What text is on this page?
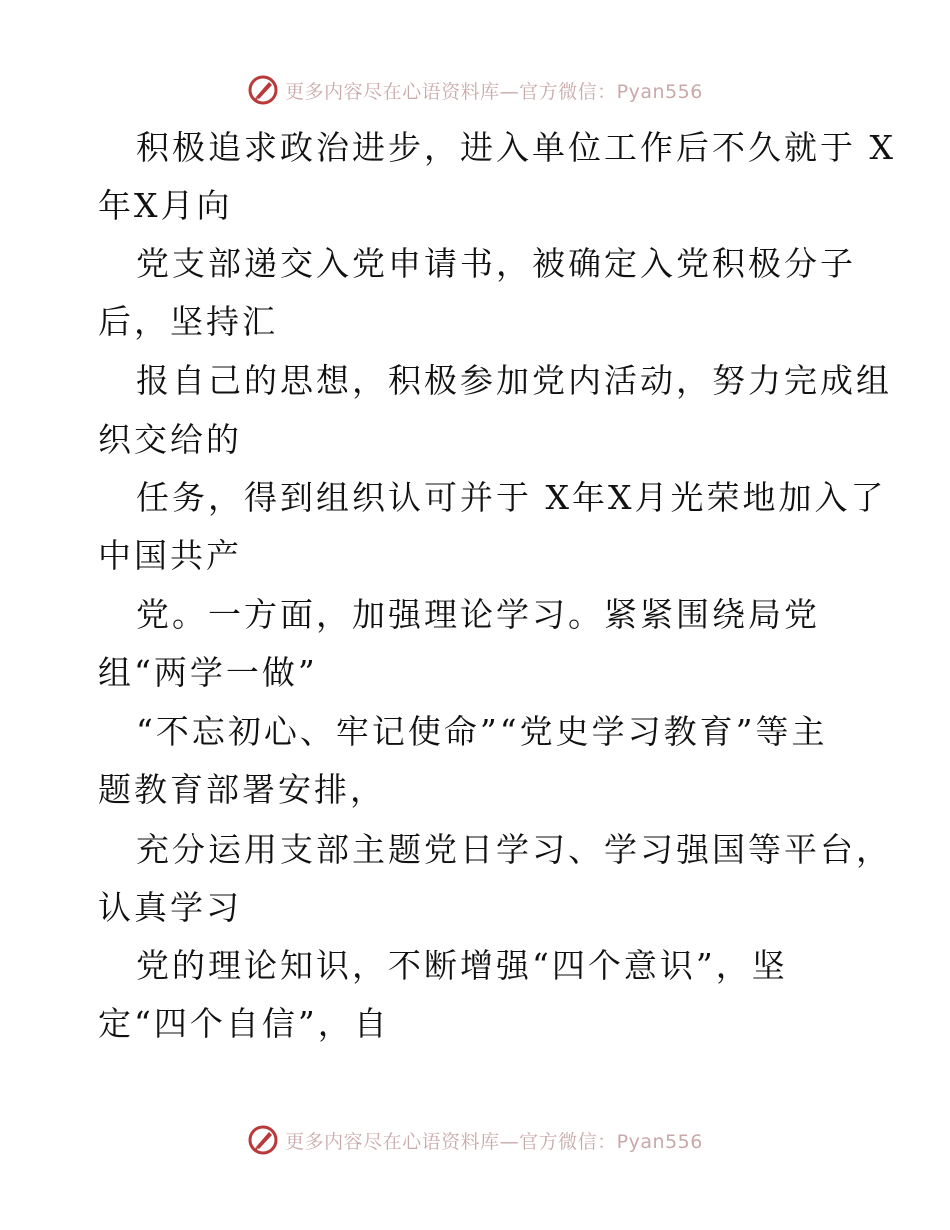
更多内容尽在心语资料库—官方微信：Pyan556
积极追求政治进步，进入单位工作后不久就于 X
年X月向
党支部递交入党申请书，被确定入党积极分子
后，坚持汇
报自己的思想，积极参加党内活动，努力完成组
织交给的
任务，得到组织认可并于 X年X月光荣地加入了
中国共产
党。一方面，加强理论学习。紧紧围绕局党
组“两学一做”
“不忘初心、牢记使命”“党史学习教育”等主
题教育部署安排，
充分运用支部主题党日学习、学习强国等平台，
认真学习
党的理论知识，不断增强“四个意识”，坚
定“四个自信”，自
更多内容尽在心语资料库—官方微信：Pyan556
